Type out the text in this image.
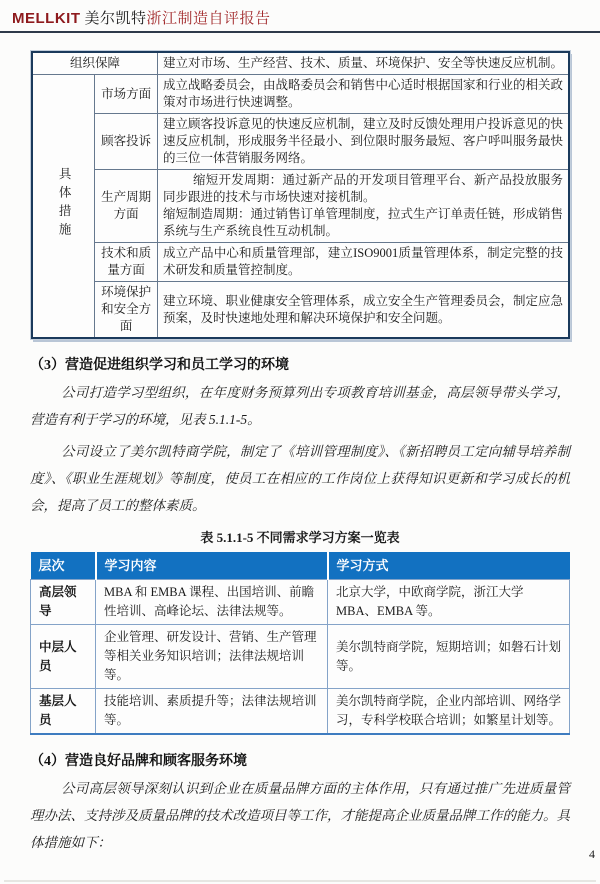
MELLKIT 美尔凯特浙江制造自评报告
组织保障		建立对市场、生产经营、技术、质量、环境保护、安全等快速反应机制。
具体措施	市场方面	成立战略委员会，由战略委员会和销售中心适时根据国家和行业的相关政策对市场进行快速调整。
	顾客投诉	建立顾客投诉意见的快速反应机制，建立及时反馈处理用户投诉意见的快速反应机制，形成服务半径最小、到位限时服务最短、客户呼叫服务最快的三位一体营销服务网络。
	生产周期方面	缩短开发周期：通过新产品的开发项目管理平台、新产品投放服务同步跟进的技术与市场快速对接机制。
缩短制造周期：通过销售订单管理制度，拉式生产订单责任链，形成销售系统与生产系统良性互动机制。

	技术和质量方面	成立产品中心和质量管理部，建立ISO9001质量管理体系，制定完整的技术研发和质量管控制度。
	环境保护和安全方面	建立环境、职业健康安全管理体系，成立安全生产管理委员会，制定应急预案，及时快速地处理和解决环境保护和安全问题。
（3）营造促进组织学习和员工学习的环境

公司打造学习型组织，在年度财务预算列出专项教育培训基金，高层领导带头学习，营造有利于学习的环境，见表 5.1.1-5。

公司设立了美尔凯特商学院，制定了《培训管理制度》、《新招聘员工定向辅导培养制度》、《职业生涯规划》等制度，使员工在相应的工作岗位上获得知识更新和学习成长的机会，提高了员工的整体素质。

表 5.1.1-5 不同需求学习方案一览表
层次	学习内容	学习方式
高层领导	MBA 和 EMBA 课程、出国培训、前瞻性培训、高峰论坛、法律法规等。	北京大学，中欧商学院，浙江大学 MBA、EMBA 等。
中层人员	企业管理、研发设计、营销、生产管理等相关业务知识培训；法律法规培训等。	美尔凯特商学院，短期培训；如磐石计划等。
基层人员	技能培训、素质提升等；法律法规培训等。	美尔凯特商学院，企业内部培训、网络学习，专科学校联合培训；如繁星计划等。
（4）营造良好品牌和顾客服务环境

公司高层领导深刻认识到企业在质量品牌方面的主体作用，只有通过推广先进质量管理办法、支持涉及质量品牌的技术改造项目等工作，才能提高企业质量品牌工作的能力。具体措施如下：

4
